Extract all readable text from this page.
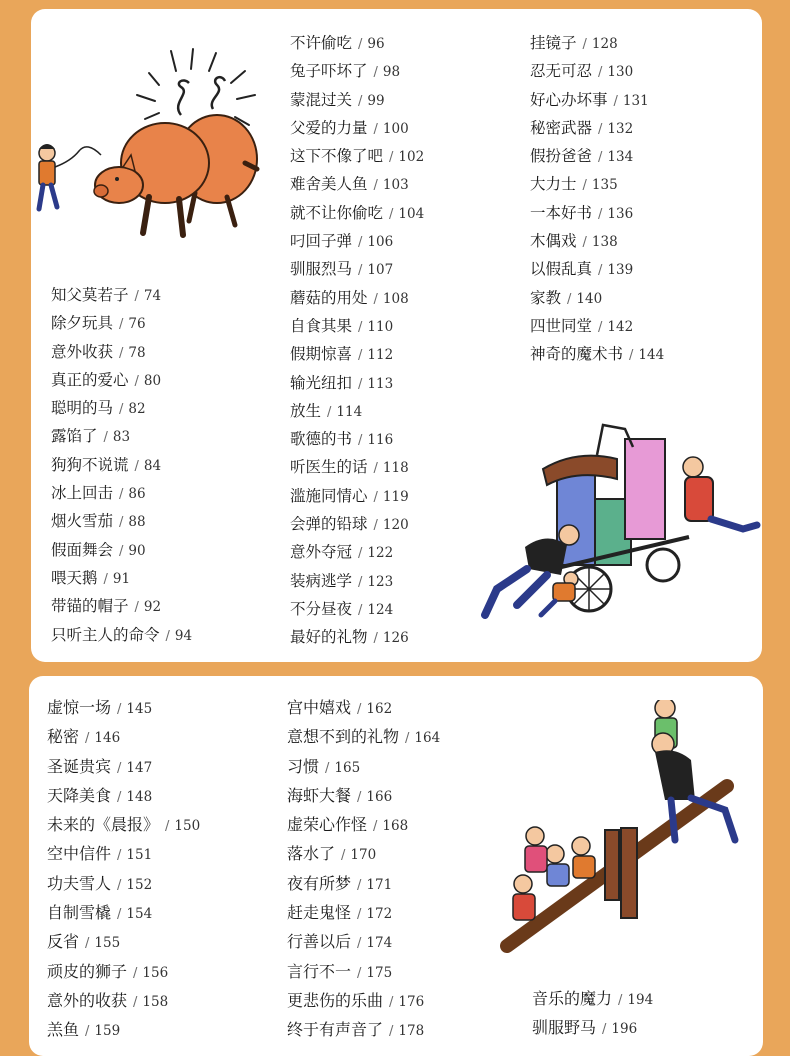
知父莫若子 / 74
除夕玩具 / 76
意外收获 / 78
真正的爱心 / 80
聪明的马 / 82
露馅了 / 83
狗狗不说谎 / 84
冰上回击 / 86
烟火雪茄 / 88
假面舞会 / 90
喂天鹅 / 91
带锚的帽子 / 92
只听主人的命令 / 94
不许偷吃 / 96
兔子吓坏了 / 98
蒙混过关 / 99
父爱的力量 / 100
这下不像了吧 / 102
难舍美人鱼 / 103
就不让你偷吃 / 104
叼回子弹 / 106
驯服烈马 / 107
蘑菇的用处 / 108
自食其果 / 110
假期惊喜 / 112
输光纽扣 / 113
放生 / 114
歌德的书 / 116
听医生的话 / 118
滥施同情心 / 119
会弹的铅球 / 120
意外夺冠 / 122
装病逃学 / 123
不分昼夜 / 124
最好的礼物 / 126
挂镜子 / 128
忍无可忍 / 130
好心办坏事 / 131
秘密武器 / 132
假扮爸爸 / 134
大力士 / 135
一本好书 / 136
木偶戏 / 138
以假乱真 / 139
家教 / 140
四世同堂 / 142
神奇的魔术书 / 144
虚惊一场 / 145
秘密 / 146
圣诞贵宾 / 147
天降美食 / 148
未来的《晨报》 / 150
空中信件 / 151
功夫雪人 / 152
自制雪橇 / 154
反省 / 155
顽皮的狮子 / 156
意外的收获 / 158
羔鱼 / 159
宫中嬉戏 / 162
意想不到的礼物 / 164
习惯 / 165
海虾大餐 / 166
虚荣心作怪 / 168
落水了 / 170
夜有所梦 / 171
赶走鬼怪 / 172
行善以后 / 174
言行不一 / 175
更悲伤的乐曲 / 176
终于有声音了 / 178
音乐的魔力 / 194
驯服野马 / 196
